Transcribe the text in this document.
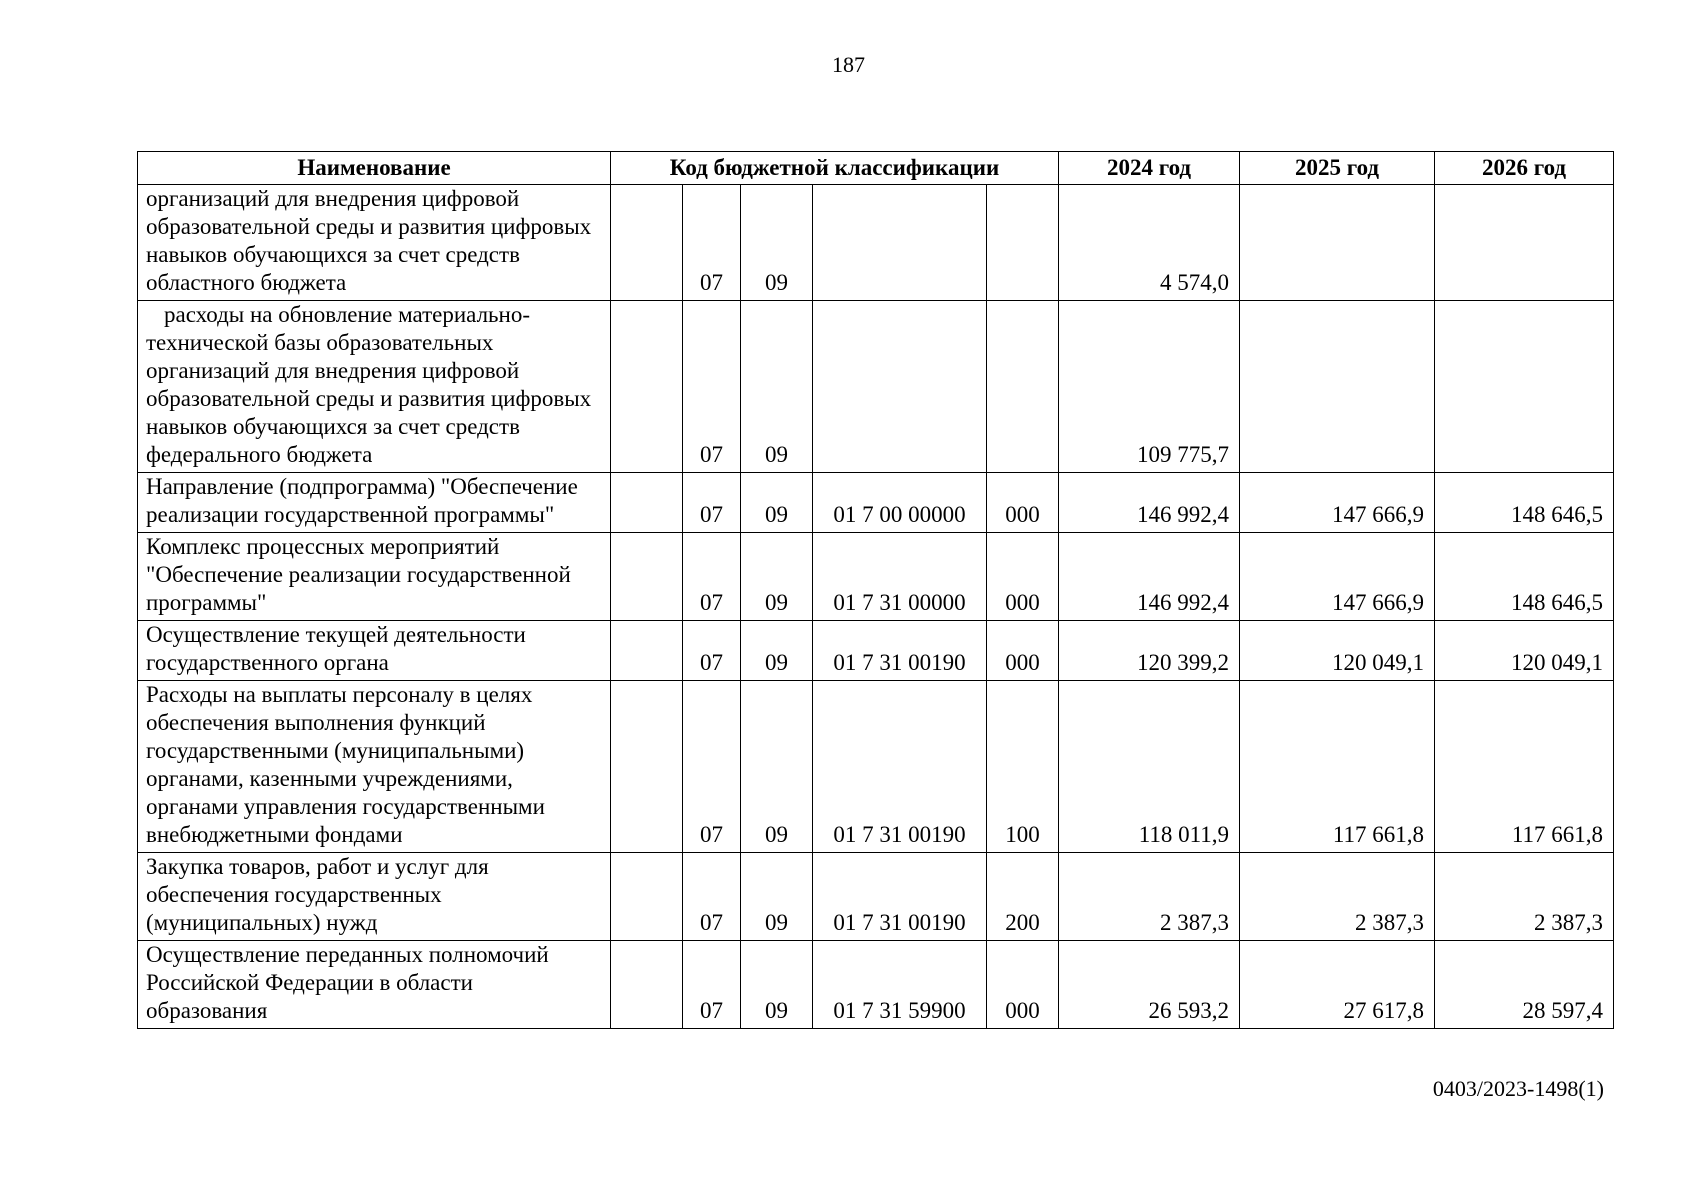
187
Наименование	Код бюджетной классификации					2024 год	2025 год	2026 год
организаций для внедрения цифровой образовательной среды и развития цифровых навыков обучающихся за счет средств областного бюджета		07	09			4 574,0		
расходы на обновление материально-технической базы образовательных организаций для внедрения цифровой образовательной среды и развития цифровых навыков обучающихся за счет средств федерального бюджета		07	09			109 775,7		
Направление (подпрограмма) "Обеспечение реализации государственной программы"		07	09	01 7 00 00000	000	146 992,4	147 666,9	148 646,5
Комплекс процессных мероприятий "Обеспечение реализации государственной программы"		07	09	01 7 31 00000	000	146 992,4	147 666,9	148 646,5
Осуществление текущей деятельности государственного органа		07	09	01 7 31 00190	000	120 399,2	120 049,1	120 049,1
Расходы на выплаты персоналу в целях обеспечения выполнения функций государственными (муниципальными) органами, казенными учреждениями, органами управления государственными внебюджетными фондами		07	09	01 7 31 00190	100	118 011,9	117 661,8	117 661,8
Закупка товаров, работ и услуг для обеспечения государственных (муниципальных) нужд		07	09	01 7 31 00190	200	2 387,3	2 387,3	2 387,3
Осуществление переданных полномочий Российской Федерации в области образования		07	09	01 7 31 59900	000	26 593,2	27 617,8	28 597,4
0403/2023-1498(1)
